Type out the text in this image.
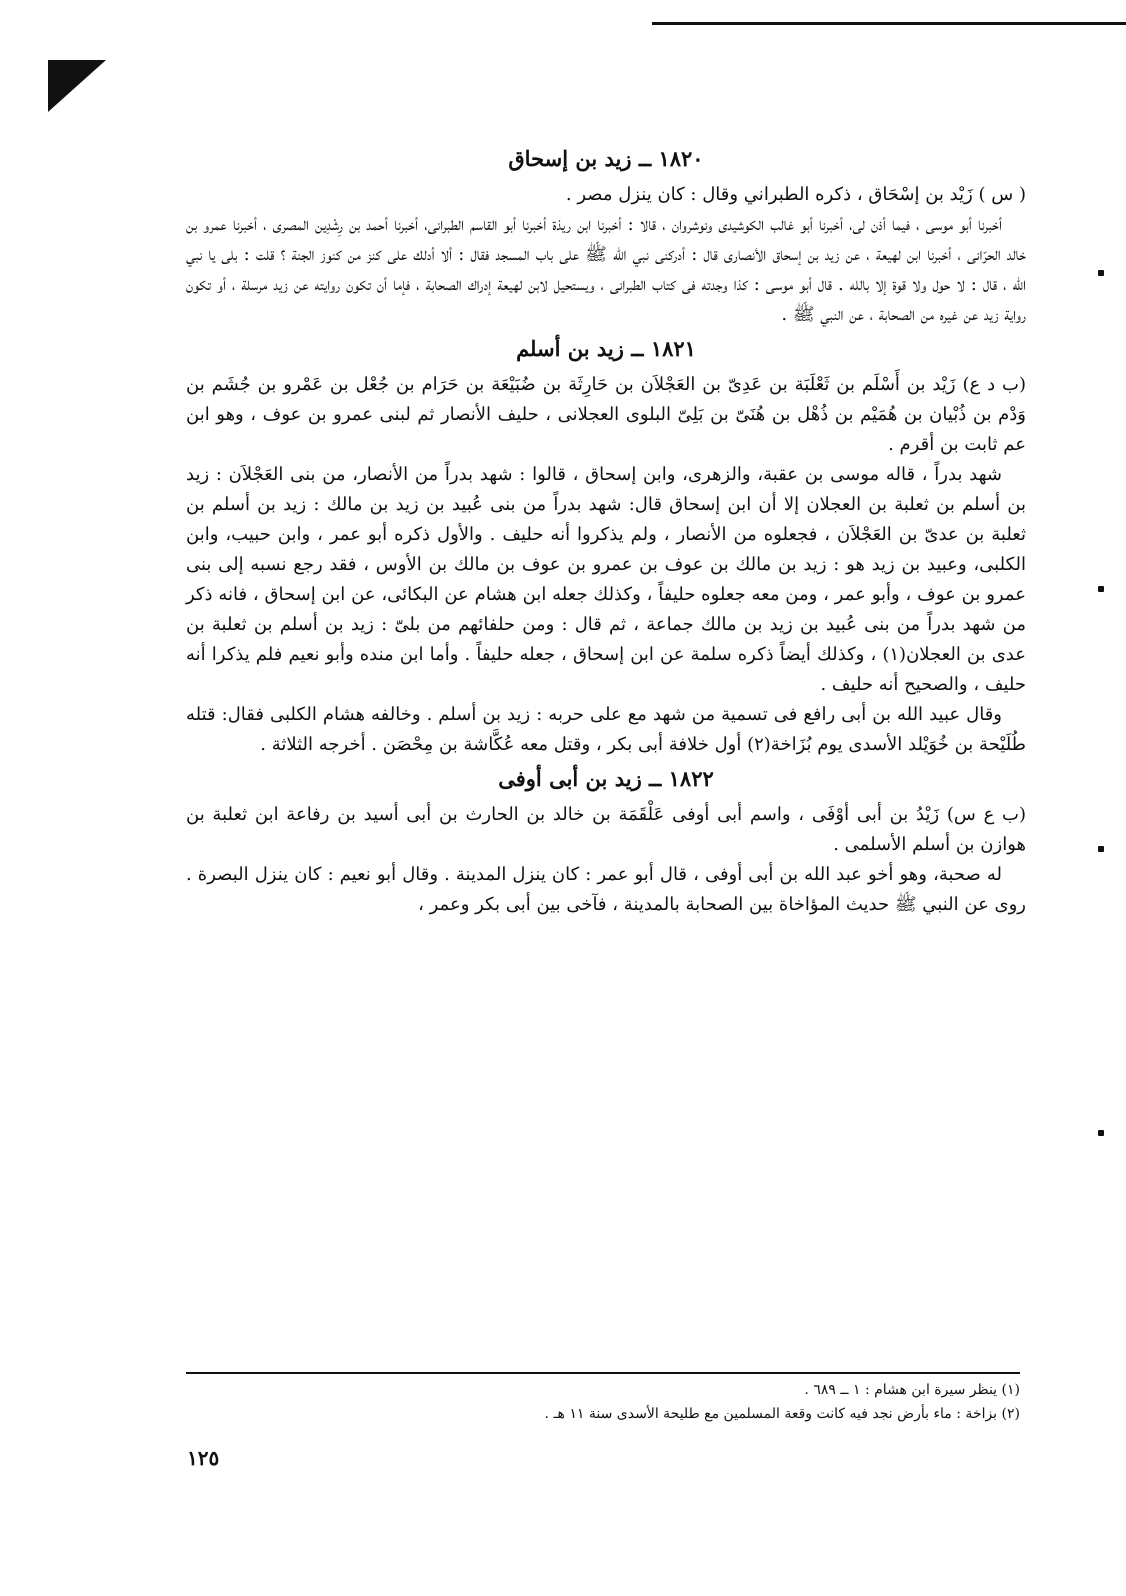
١٨٢٠ ــ زيد بن إسحاق

( س ) زَيْد بن إسْحَاق ، ذكره الطبراني وقال : كان ينزل مصر .

أخبرنا أبو موسى ، فيما أذن لى، أخبرنا أبو غالب الكوشيدى ونوشروان ، قالا : أخبرنا ابن ريذة أخبرنا أبو القاسم الطبرانى، أخبرنا أحمد بن رِشْدِين المصرى ، أخبرنا عمرو بن خالد الحرّانى ، أخبرنا ابن لهيعة ، عن زيد بن إسحاق الأنصارى قال : أدركنى نبي الله ﷺ على باب المسجد فقال : ألا أدلك على كنز من كنوز الجنة ؟ قلت : بلى يا نبي الله ، قال : لا حول ولا قوة إلا بالله . قال أبو موسى : كذا وجدته فى كتاب الطبرانى ، ويستحيل لابن لهيعة إدراك الصحابة ، فإما أن تكون روايته عن زيد مرسلة ، أو تكون رواية زيد عن غيره من الصحابة ، عن النبي ﷺ .

١٨٢١ ــ زيد بن أسلم

(ب د ع) زَيْد بن أَسْلَم بن ثَعْلَبَة بن عَدِىّ بن العَجْلاَن بن حَارِثَة بن ضُبَيْعَة بن حَرَام بن جُعْل بن عَمْرو بن جُشَم بن وَدْم بن ذُبْيان بن هُمَيْم بن ذُهْل بن هُنَىّ بن بَلِىّ البلوى العجلانى ، حليف الأنصار ثم لبنى عمرو بن عوف ، وهو ابن عم ثابت بن أقرم .

شهد بدراً ، قاله موسى بن عقبة، والزهرى، وابن إسحاق ، قالوا : شهد بدراً من الأنصار، من بنى العَجْلاَن : زيد بن أسلم بن ثعلبة بن العجلان إلا أن ابن إسحاق قال: شهد بدراً من بنى عُبيد بن زيد بن مالك : زيد بن أسلم بن ثعلبة بن عدىّ بن العَجْلاَن ، فجعلوه من الأنصار ، ولم يذكروا أنه حليف . والأول ذكره أبو عمر ، وابن حبيب، وابن الكلبى، وعبيد بن زيد هو : زيد بن مالك بن عوف بن عمرو بن عوف بن مالك بن الأوس ، فقد رجع نسبه إلى بنى عمرو بن عوف ، وأبو عمر ، ومن معه جعلوه حليفاً ، وكذلك جعله ابن هشام عن البكائى، عن ابن إسحاق ، فانه ذكر من شهد بدراً من بنى عُبيد بن زيد بن مالك جماعة ، ثم قال : ومن حلفائهم من بلىّ : زيد بن أسلم بن ثعلبة بن عدى بن العجلان(١) ، وكذلك أيضاً ذكره سلمة عن ابن إسحاق ، جعله حليفاً . وأما ابن منده وأبو نعيم فلم يذكرا أنه حليف ، والصحيح أنه حليف .

وقال عبيد الله بن أبى رافع فى تسمية من شهد مع على حربه : زيد بن أسلم . وخالفه هشام الكلبى فقال: قتله طُلَيْحة بن خُوَيْلد الأسدى يوم بُزَاخة(٢) أول خلافة أبى بكر ، وقتل معه عُكَّاشة بن مِحْصَن . أخرجه الثلاثة .

١٨٢٢ ــ زيد بن أبى أوفى

(ب ع س) زَيْدُ بن أبى أوْفَى ، واسم أبى أوفى عَلْقَمَة بن خالد بن الحارث بن أبى أسيد بن رفاعة ابن ثعلبة بن هوازن بن أسلم الأسلمى .

له صحبة، وهو أخو عبد الله بن أبى أوفى ، قال أبو عمر : كان ينزل المدينة . وقال أبو نعيم : كان ينزل البصرة . روى عن النبي ﷺ حديث المؤاخاة بين الصحابة بالمدينة ، فآخى بين أبى بكر وعمر ،

(١) ينظر سيرة ابن هشام : ١ ــ ٦٨٩ .

(٢) بزاخة : ماء بأرض نجد فيه كانت وقعة المسلمين مع طليحة الأسدى سنة ١١ هـ .

١٢٥
